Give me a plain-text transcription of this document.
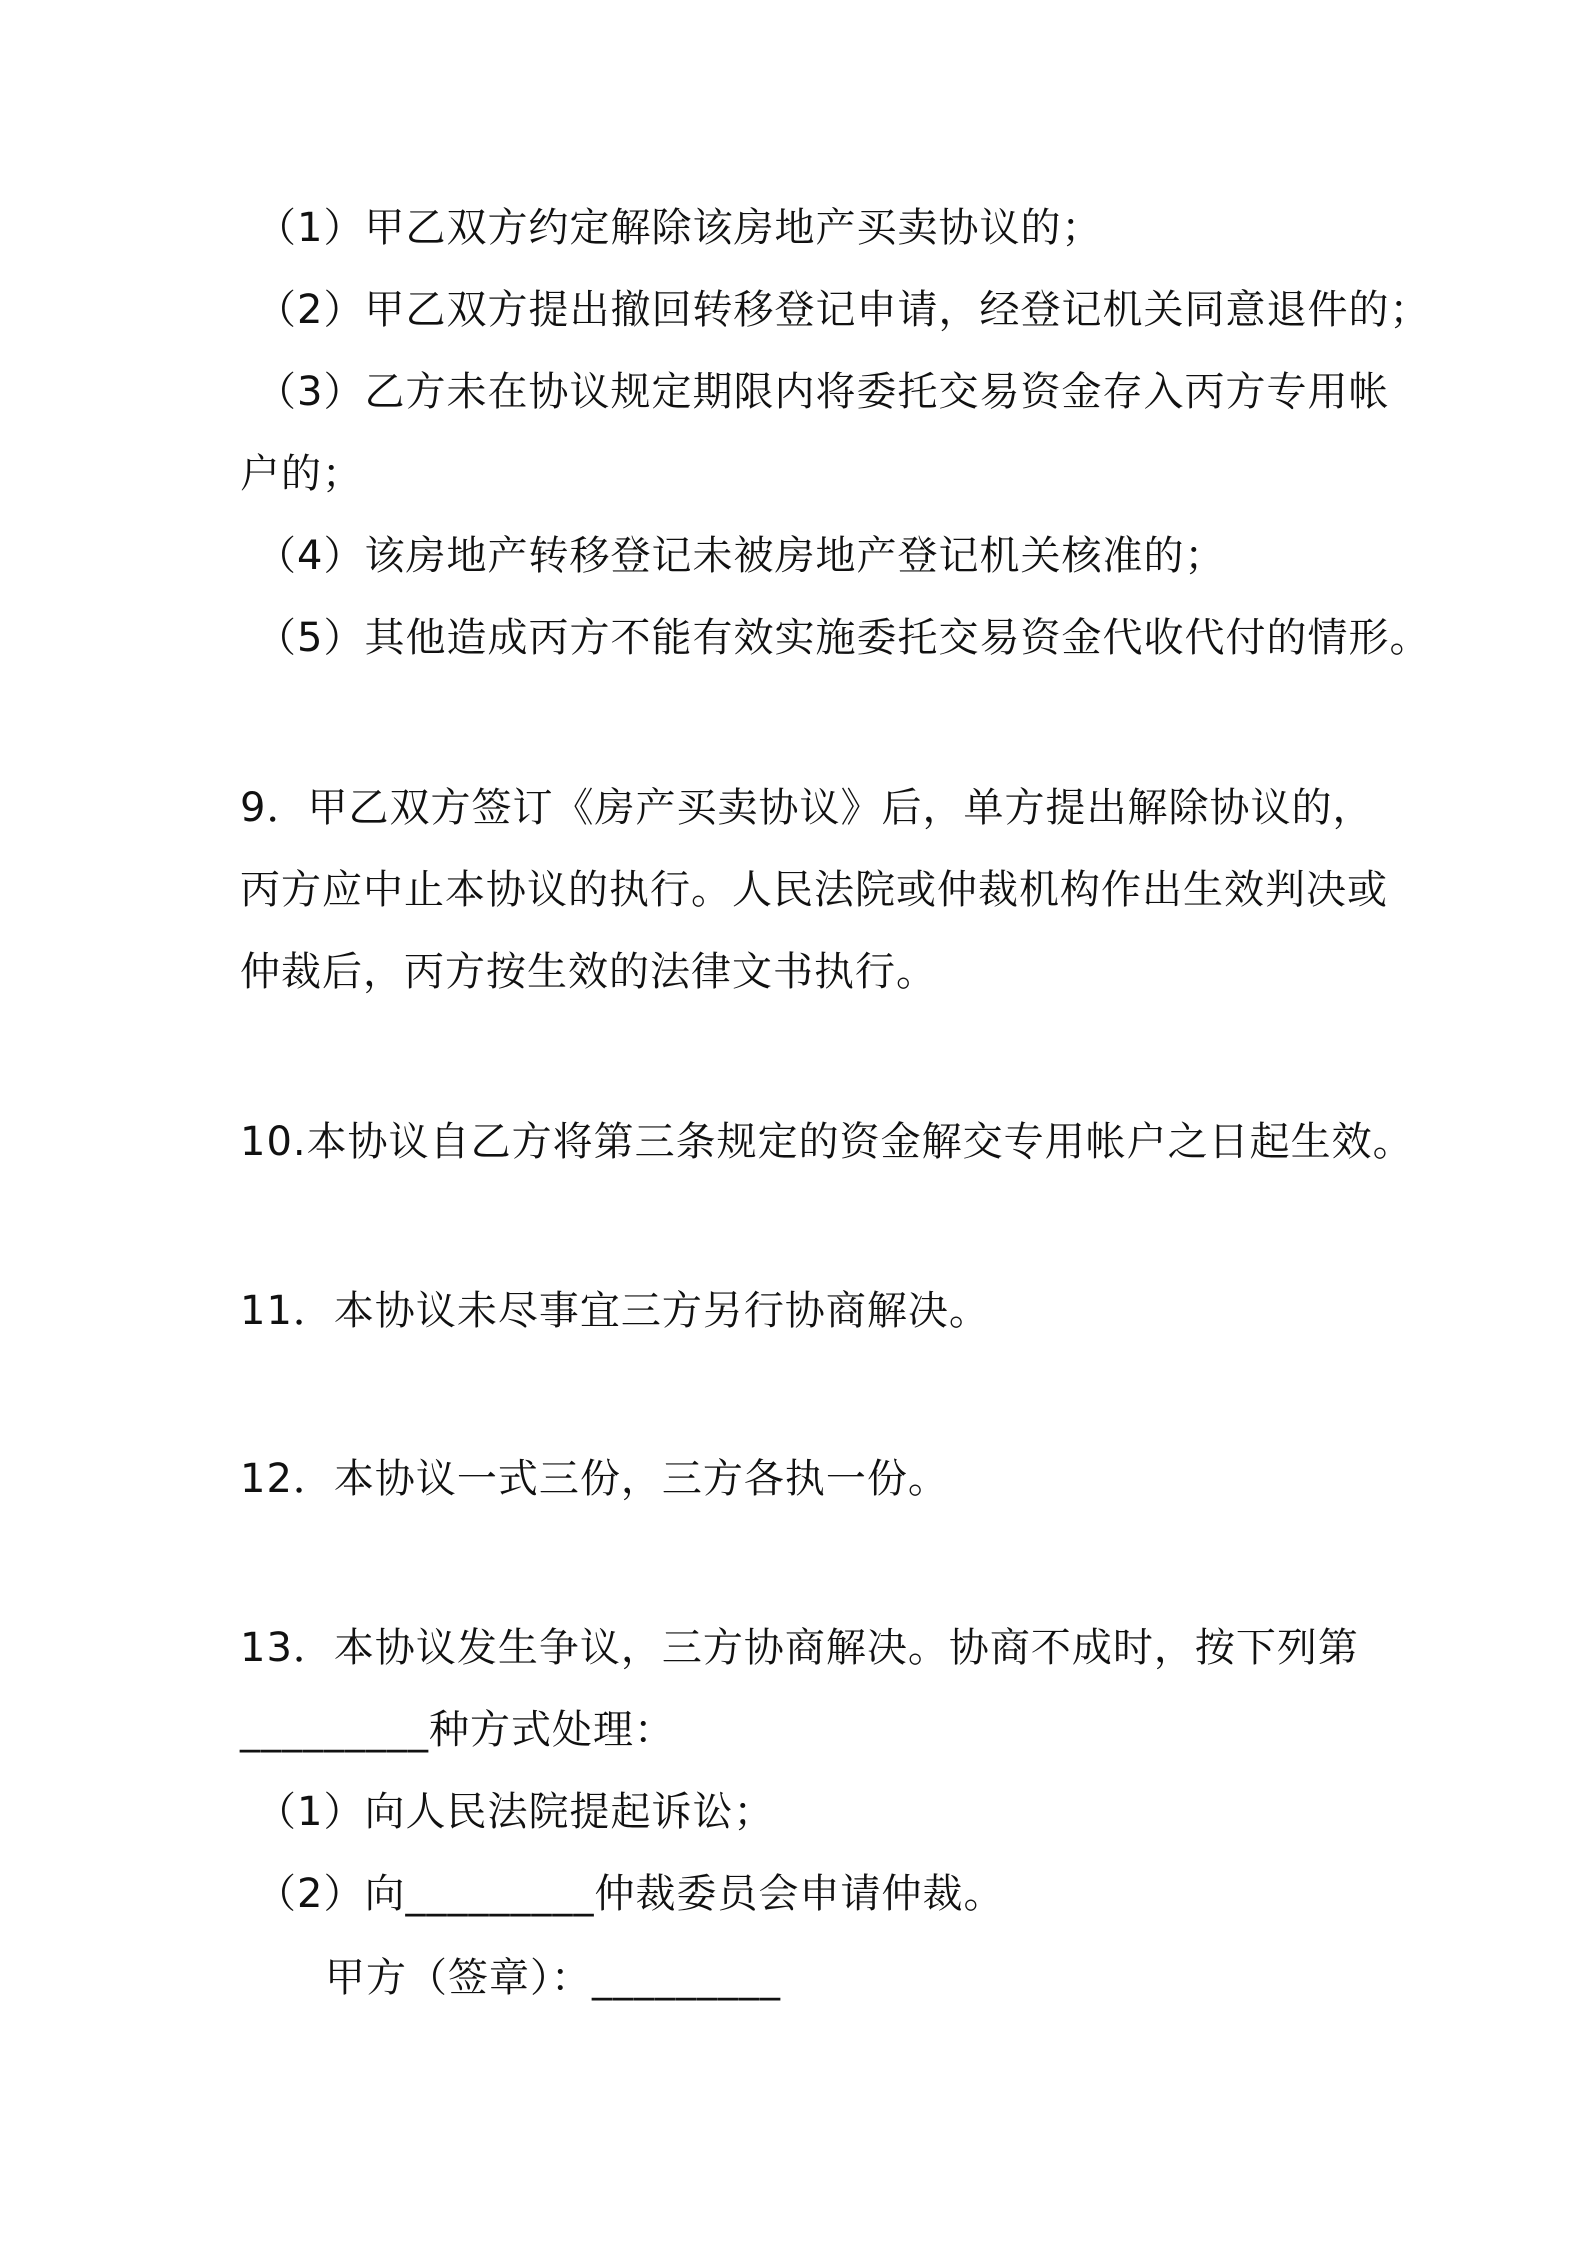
（1）甲乙双方约定解除该房地产买卖协议的；
（2）甲乙双方提出撤回转移登记申请，经登记机关同意退件的；
（3）乙方未在协议规定期限内将委托交易资金存入丙方专用帐
户的；
（4）该房地产转移登记未被房地产登记机关核准的；
（5）其他造成丙方不能有效实施委托交易资金代收代付的情形。
9．甲乙双方签订《房产买卖协议》后，单方提出解除协议的，
丙方应中止本协议的执行。人民法院或仲裁机构作出生效判决或
仲裁后，丙方按生效的法律文书执行。
10.本协议自乙方将第三条规定的资金解交专用帐户之日起生效。
11．本协议未尽事宜三方另行协商解决。
12．本协议一式三份，三方各执一份。
13．本协议发生争议，三方协商解决。协商不成时，按下列第
_________种方式处理：
（1）向人民法院提起诉讼；
（2）向_________仲裁委员会申请仲裁。
甲方（签章）：_________
